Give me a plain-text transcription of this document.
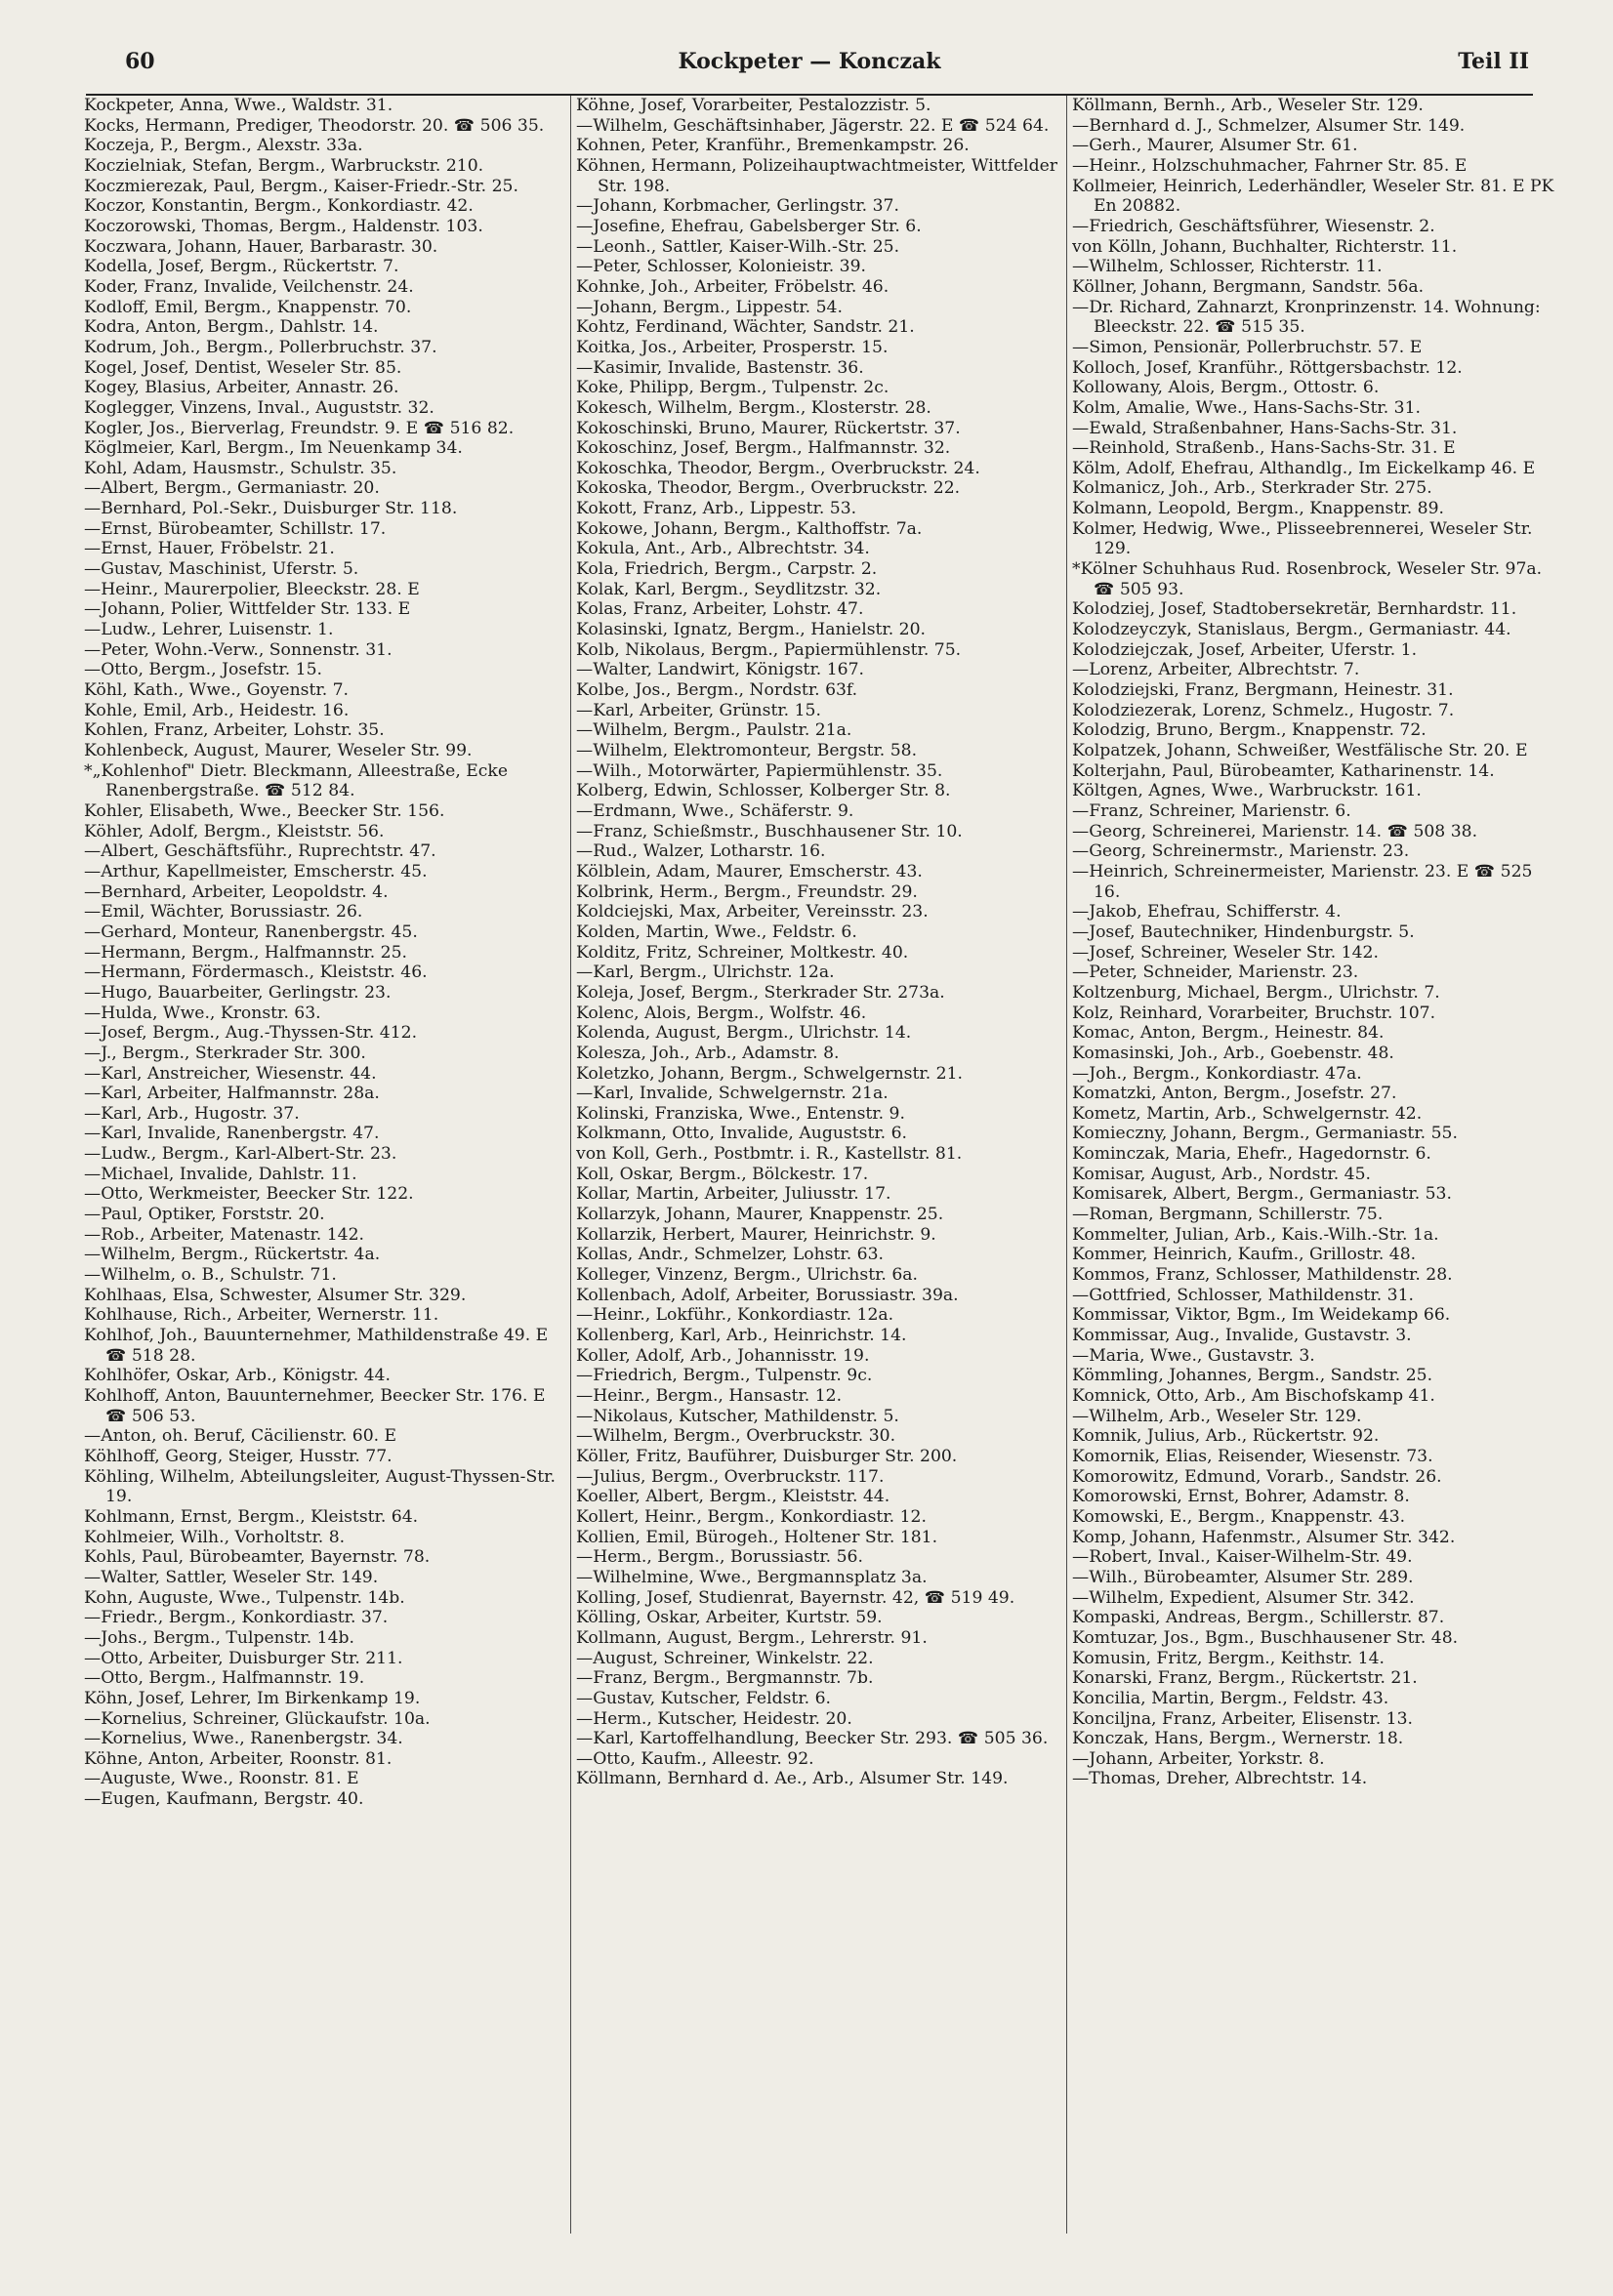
60	Kockpeter — Konczak	Teil II
Kockpeter, Anna, Wwe., Waldstr. 31.
Kocks, Hermann, Prediger, Theodorstr. 20. ☎ 506 35.
Koczeja, P., Bergm., Alexstr. 33a.
Koczielniak, Stefan, Bergm., Warbruckstr. 210.
Koczmierezak, Paul, Bergm., Kaiser-Friedr.-Str. 25.
Koczor, Konstantin, Bergm., Konkordiastr. 42.
Koczorowski, Thomas, Bergm., Haldenstr. 103.
Koczwara, Johann, Hauer, Barbarastr. 30.
Kodella, Josef, Bergm., Rückertstr. 7.
Koder, Franz, Invalide, Veilchenstr. 24.
Kodloff, Emil, Bergm., Knappenstr. 70.
Kodra, Anton, Bergm., Dahlstr. 14.
Kodrum, Joh., Bergm., Pollerbruchstr. 37.
Kogel, Josef, Dentist, Weseler Str. 85.
Kogey, Blasius, Arbeiter, Annastr. 26.
Koglegger, Vinzens, Inval., Auguststr. 32.
Kogler, Jos., Bierverlag, Freundstr. 9. E ☎ 516 82.
Köglmeier, Karl, Bergm., Im Neuenkamp 34.
Kohl, Adam, Hausmstr., Schulstr. 35.
—Albert, Bergm., Germaniastr. 20.
—Bernhard, Pol.-Sekr., Duisburger Str. 118.
—Ernst, Bürobeamter, Schillstr. 17.
—Ernst, Hauer, Fröbelstr. 21.
—Gustav, Maschinist, Uferstr. 5.
—Heinr., Maurerpolier, Bleeckstr. 28. E
—Johann, Polier, Wittfelder Str. 133. E
—Ludw., Lehrer, Luisenstr. 1.
—Peter, Wohn.-Verw., Sonnenstr. 31.
—Otto, Bergm., Josefstr. 15.
Köhl, Kath., Wwe., Goyenstr. 7.
Kohle, Emil, Arb., Heidestr. 16.
Kohlen, Franz, Arbeiter, Lohstr. 35.
Kohlenbeck, August, Maurer, Weseler Str. 99.
*„Kohlenhof" Dietr. Bleckmann, Alleestraße, Ecke Ranenbergstraße. ☎ 512 84.
Kohler, Elisabeth, Wwe., Beecker Str. 156.
Köhler, Adolf, Bergm., Kleiststr. 56.
—Albert, Geschäftsführ., Ruprechtstr. 47.
—Arthur, Kapellmeister, Emscherstr. 45.
—Bernhard, Arbeiter, Leopoldstr. 4.
—Emil, Wächter, Borussiastr. 26.
—Gerhard, Monteur, Ranenbergstr. 45.
—Hermann, Bergm., Halfmannstr. 25.
—Hermann, Fördermasch., Kleiststr. 46.
—Hugo, Bauarbeiter, Gerlingstr. 23.
—Hulda, Wwe., Kronstr. 63.
—Josef, Bergm., Aug.-Thyssen-Str. 412.
—J., Bergm., Sterkrader Str. 300.
—Karl, Anstreicher, Wiesenstr. 44.
—Karl, Arbeiter, Halfmannstr. 28a.
—Karl, Arb., Hugostr. 37.
—Karl, Invalide, Ranenbergstr. 47.
—Ludw., Bergm., Karl-Albert-Str. 23.
—Michael, Invalide, Dahlstr. 11.
—Otto, Werkmeister, Beecker Str. 122.
—Paul, Optiker, Forststr. 20.
—Rob., Arbeiter, Matenastr. 142.
—Wilhelm, Bergm., Rückertstr. 4a.
—Wilhelm, o. B., Schulstr. 71.
Kohlhaas, Elsa, Schwester, Alsumer Str. 329.
Kohlhause, Rich., Arbeiter, Wernerstr. 11.
Kohlhof, Joh., Bauunternehmer, Mathildenstraße 49. E ☎ 518 28.
Kohlhöfer, Oskar, Arb., Königstr. 44.
Kohlhoff, Anton, Bauunternehmer, Beecker Str. 176. E ☎ 506 53.
—Anton, oh. Beruf, Cäcilienstr. 60. E
Köhlhoff, Georg, Steiger, Husstr. 77.
Köhling, Wilhelm, Abteilungsleiter, August-Thyssen-Str. 19.
Kohlmann, Ernst, Bergm., Kleiststr. 64.
Kohlmeier, Wilh., Vorholtstr. 8.
Kohls, Paul, Bürobeamter, Bayernstr. 78.
—Walter, Sattler, Weseler Str. 149.
Kohn, Auguste, Wwe., Tulpenstr. 14b.
—Friedr., Bergm., Konkordiastr. 37.
—Johs., Bergm., Tulpenstr. 14b.
—Otto, Arbeiter, Duisburger Str. 211.
—Otto, Bergm., Halfmannstr. 19.
Köhn, Josef, Lehrer, Im Birkenkamp 19.
—Kornelius, Schreiner, Glückaufstr. 10a.
—Kornelius, Wwe., Ranenbergstr. 34.
Köhne, Anton, Arbeiter, Roonstr. 81.
—Auguste, Wwe., Roonstr. 81. E
—Eugen, Kaufmann, Bergstr. 40.
Köhne, Josef, Vorarbeiter, Pestalozzistr. 5.
—Wilhelm, Geschäftsinhaber, Jägerstr. 22. E ☎ 524 64.
Kohnen, Peter, Kranführ., Bremenkampstr. 26.
Köhnen, Hermann, Polizeihauptwachtmeister, Wittfelder Str. 198.
—Johann, Korbmacher, Gerlingstr. 37.
—Josefine, Ehefrau, Gabelsberger Str. 6.
—Leonh., Sattler, Kaiser-Wilh.-Str. 25.
—Peter, Schlosser, Kolonieistr. 39.
Kohnke, Joh., Arbeiter, Fröbelstr. 46.
—Johann, Bergm., Lippestr. 54.
Kohtz, Ferdinand, Wächter, Sandstr. 21.
Koitka, Jos., Arbeiter, Prosperstr. 15.
—Kasimir, Invalide, Bastenstr. 36.
Koke, Philipp, Bergm., Tulpenstr. 2c.
Kokesch, Wilhelm, Bergm., Klosterstr. 28.
Kokoschinski, Bruno, Maurer, Rückertstr. 37.
Kokoschinz, Josef, Bergm., Halfmannstr. 32.
Kokoschka, Theodor, Bergm., Overbruckstr. 24.
Kokoska, Theodor, Bergm., Overbruckstr. 22.
Kokott, Franz, Arb., Lippestr. 53.
Kokowe, Johann, Bergm., Kalthoffstr. 7a.
Kokula, Ant., Arb., Albrechtstr. 34.
Kola, Friedrich, Bergm., Carpstr. 2.
Kolak, Karl, Bergm., Seydlitzstr. 32.
Kolas, Franz, Arbeiter, Lohstr. 47.
Kolasinski, Ignatz, Bergm., Hanielstr. 20.
Kolb, Nikolaus, Bergm., Papiermühlenstr. 75.
—Walter, Landwirt, Königstr. 167.
Kolbe, Jos., Bergm., Nordstr. 63f.
—Karl, Arbeiter, Grünstr. 15.
—Wilhelm, Bergm., Paulstr. 21a.
—Wilhelm, Elektromonteur, Bergstr. 58.
—Wilh., Motorwärter, Papiermühlenstr. 35.
Kolberg, Edwin, Schlosser, Kolberger Str. 8.
—Erdmann, Wwe., Schäferstr. 9.
—Franz, Schießmstr., Buschhausener Str. 10.
—Rud., Walzer, Lotharstr. 16.
Kölblein, Adam, Maurer, Emscherstr. 43.
Kolbrink, Herm., Bergm., Freundstr. 29.
Koldciejski, Max, Arbeiter, Vereinsstr. 23.
Kolden, Martin, Wwe., Feldstr. 6.
Kolditz, Fritz, Schreiner, Moltkestr. 40.
—Karl, Bergm., Ulrichstr. 12a.
Koleja, Josef, Bergm., Sterkrader Str. 273a.
Kolenc, Alois, Bergm., Wolfstr. 46.
Kolenda, August, Bergm., Ulrichstr. 14.
Kolesza, Joh., Arb., Adamstr. 8.
Koletzko, Johann, Bergm., Schwelgernstr. 21.
—Karl, Invalide, Schwelgernstr. 21a.
Kolinski, Franziska, Wwe., Entenstr. 9.
Kolkmann, Otto, Invalide, Auguststr. 6.
von Koll, Gerh., Postbmtr. i. R., Kastellstr. 81.
Koll, Oskar, Bergm., Bölckestr. 17.
Kollar, Martin, Arbeiter, Juliusstr. 17.
Kollarzyk, Johann, Maurer, Knappenstr. 25.
Kollarzik, Herbert, Maurer, Heinrichstr. 9.
Kollas, Andr., Schmelzer, Lohstr. 63.
Kolleger, Vinzenz, Bergm., Ulrichstr. 6a.
Kollenbach, Adolf, Arbeiter, Borussiastr. 39a.
—Heinr., Lokführ., Konkordiastr. 12a.
Kollenberg, Karl, Arb., Heinrichstr. 14.
Koller, Adolf, Arb., Johannisstr. 19.
—Friedrich, Bergm., Tulpenstr. 9c.
—Heinr., Bergm., Hansastr. 12.
—Nikolaus, Kutscher, Mathildenstr. 5.
—Wilhelm, Bergm., Overbruckstr. 30.
Köller, Fritz, Bauführer, Duisburger Str. 200.
—Julius, Bergm., Overbruckstr. 117.
Koeller, Albert, Bergm., Kleiststr. 44.
Kollert, Heinr., Bergm., Konkordiastr. 12.
Kollien, Emil, Bürogeh., Holtener Str. 181.
—Herm., Bergm., Borussiastr. 56.
—Wilhelmine, Wwe., Bergmannsplatz 3a.
Kolling, Josef, Studienrat, Bayernstr. 42, ☎ 519 49.
Kölling, Oskar, Arbeiter, Kurtstr. 59.
Kollmann, August, Bergm., Lehrerstr. 91.
—August, Schreiner, Winkelstr. 22.
—Franz, Bergm., Bergmannstr. 7b.
—Gustav, Kutscher, Feldstr. 6.
—Herm., Kutscher, Heidestr. 20.
—Karl, Kartoffelhandlung, Beecker Str. 293. ☎ 505 36.
—Otto, Kaufm., Alleestr. 92.
Köllmann, Bernhard d. Ae., Arb., Alsumer Str. 149.
Köllmann, Bernh., Arb., Weseler Str. 129.
—Bernhard d. J., Schmelzer, Alsumer Str. 149.
—Gerh., Maurer, Alsumer Str. 61.
—Heinr., Holzschuhmacher, Fahrner Str. 85. E
Kollmeier, Heinrich, Lederhändler, Weseler Str. 81. E PK En 20882.
—Friedrich, Geschäftsführer, Wiesenstr. 2.
von Kölln, Johann, Buchhalter, Richterstr. 11.
—Wilhelm, Schlosser, Richterstr. 11.
Köllner, Johann, Bergmann, Sandstr. 56a.
—Dr. Richard, Zahnarzt, Kronprinzenstr. 14. Wohnung: Bleeckstr. 22. ☎ 515 35.
—Simon, Pensionär, Pollerbruchstr. 57. E
Kolloch, Josef, Kranführ., Röttgersbachstr. 12.
Kollowany, Alois, Bergm., Ottostr. 6.
Kolm, Amalie, Wwe., Hans-Sachs-Str. 31.
—Ewald, Straßenbahner, Hans-Sachs-Str. 31.
—Reinhold, Straßenb., Hans-Sachs-Str. 31. E
Kölm, Adolf, Ehefrau, Althandlg., Im Eickelkamp 46. E
Kolmanicz, Joh., Arb., Sterkrader Str. 275.
Kolmann, Leopold, Bergm., Knappenstr. 89.
Kolmer, Hedwig, Wwe., Plisseebrennerei, Weseler Str. 129.
*Kölner Schuhhaus Rud. Rosenbrock, Weseler Str. 97a. ☎ 505 93.
Kolodziej, Josef, Stadtobersekretär, Bernhardstr. 11.
Kolodzeyczyk, Stanislaus, Bergm., Germaniastr. 44.
Kolodziejczak, Josef, Arbeiter, Uferstr. 1.
—Lorenz, Arbeiter, Albrechtstr. 7.
Kolodziejski, Franz, Bergmann, Heinestr. 31.
Kolodziezerak, Lorenz, Schmelz., Hugostr. 7.
Kolodzig, Bruno, Bergm., Knappenstr. 72.
Kolpatzek, Johann, Schweißer, Westfälische Str. 20. E
Kolterjahn, Paul, Bürobeamter, Katharinenstr. 14.
Költgen, Agnes, Wwe., Warbruckstr. 161.
—Franz, Schreiner, Marienstr. 6.
—Georg, Schreinerei, Marienstr. 14. ☎ 508 38.
—Georg, Schreinermstr., Marienstr. 23.
—Heinrich, Schreinermeister, Marienstr. 23. E ☎ 525 16.
—Jakob, Ehefrau, Schifferstr. 4.
—Josef, Bautechniker, Hindenburgstr. 5.
—Josef, Schreiner, Weseler Str. 142.
—Peter, Schneider, Marienstr. 23.
Koltzenburg, Michael, Bergm., Ulrichstr. 7.
Kolz, Reinhard, Vorarbeiter, Bruchstr. 107.
Komac, Anton, Bergm., Heinestr. 84.
Komasinski, Joh., Arb., Goebenstr. 48.
—Joh., Bergm., Konkordiastr. 47a.
Komatzki, Anton, Bergm., Josefstr. 27.
Kometz, Martin, Arb., Schwelgernstr. 42.
Komieczny, Johann, Bergm., Germaniastr. 55.
Kominczak, Maria, Ehefr., Hagedornstr. 6.
Komisar, August, Arb., Nordstr. 45.
Komisarek, Albert, Bergm., Germaniastr. 53.
—Roman, Bergmann, Schillerstr. 75.
Kommelter, Julian, Arb., Kais.-Wilh.-Str. 1a.
Kommer, Heinrich, Kaufm., Grillostr. 48.
Kommos, Franz, Schlosser, Mathildenstr. 28.
—Gottfried, Schlosser, Mathildenstr. 31.
Kommissar, Viktor, Bgm., Im Weidekamp 66.
Kommissar, Aug., Invalide, Gustavstr. 3.
—Maria, Wwe., Gustavstr. 3.
Kömmling, Johannes, Bergm., Sandstr. 25.
Komnick, Otto, Arb., Am Bischofskamp 41.
—Wilhelm, Arb., Weseler Str. 129.
Komnik, Julius, Arb., Rückertstr. 92.
Komornik, Elias, Reisender, Wiesenstr. 73.
Komorowitz, Edmund, Vorarb., Sandstr. 26.
Komorowski, Ernst, Bohrer, Adamstr. 8.
Komowski, E., Bergm., Knappenstr. 43.
Komp, Johann, Hafenmstr., Alsumer Str. 342.
—Robert, Inval., Kaiser-Wilhelm-Str. 49.
—Wilh., Bürobeamter, Alsumer Str. 289.
—Wilhelm, Expedient, Alsumer Str. 342.
Kompaski, Andreas, Bergm., Schillerstr. 87.
Komtuzar, Jos., Bgm., Buschhausener Str. 48.
Komusin, Fritz, Bergm., Keithstr. 14.
Konarski, Franz, Bergm., Rückertstr. 21.
Koncilia, Martin, Bergm., Feldstr. 43.
Konciljna, Franz, Arbeiter, Elisenstr. 13.
Konczak, Hans, Bergm., Wernerstr. 18.
—Johann, Arbeiter, Yorkstr. 8.
—Thomas, Dreher, Albrechtstr. 14.
